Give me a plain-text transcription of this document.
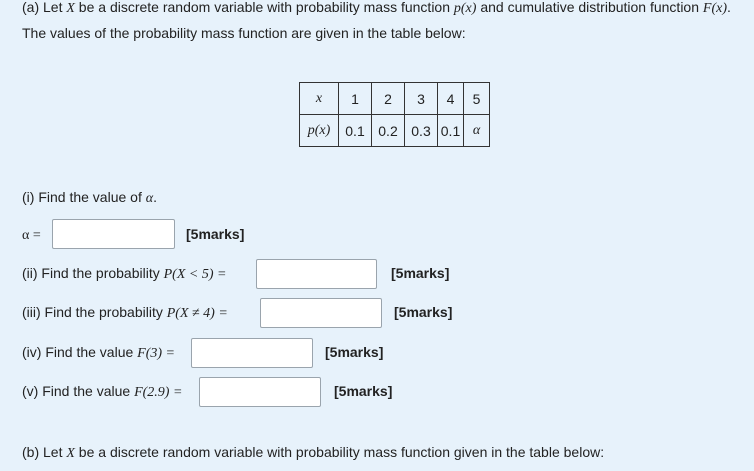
(a) Let X be a discrete random variable with probability mass function p(x) and cumulative distribution function F(x). The values of the probability mass function are given in the table below:
x	1	2	3	4	5
p(x)	0.1	0.2	0.3	0.1	α
(i) Find the value of α.
α =	[5marks]
(ii) Find the probability P(X < 5) =	[5marks]
(iii) Find the probability P(X ≠ 4) =	[5marks]
(iv) Find the value F(3) =	[5marks]
(v) Find the value F(2.9) =	[5marks]
(b) Let X be a discrete random variable with probability mass function given in the table below:
